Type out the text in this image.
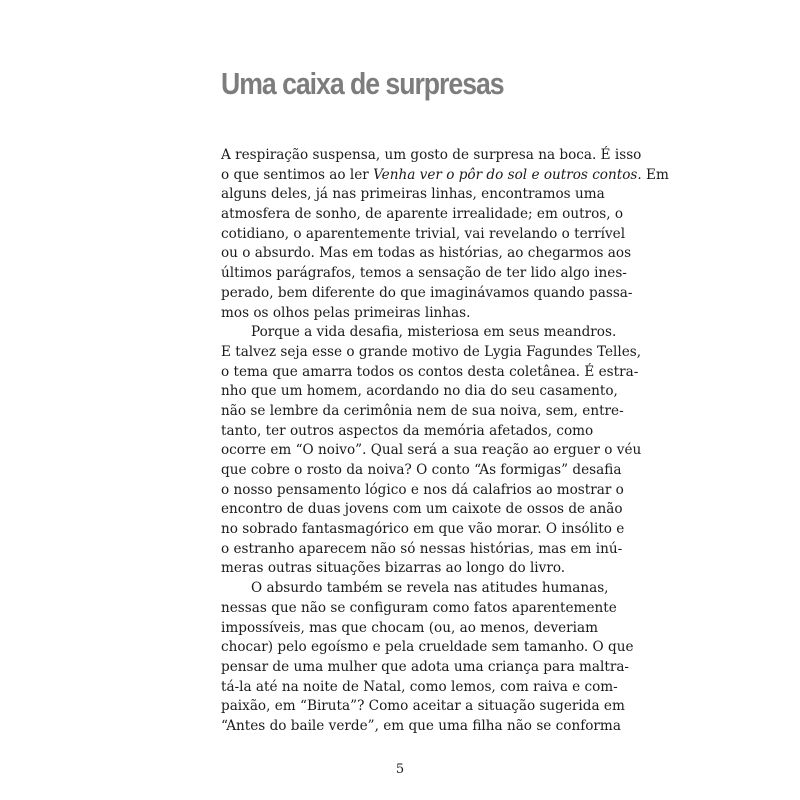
Uma caixa de surpresas
A respiração suspensa, um gosto de surpresa na boca. É isso
o que sentimos ao ler Venha ver o pôr do sol e outros contos. Em
alguns deles, já nas primeiras linhas, encontramos uma
atmosfera de sonho, de aparente irrealidade; em outros, o
cotidiano, o aparentemente trivial, vai revelando o terrível
ou o absurdo. Mas em todas as histórias, ao chegarmos aos
últimos parágrafos, temos a sensação de ter lido algo ines-
perado, bem diferente do que imaginávamos quando passa-
mos os olhos pelas primeiras linhas.
Porque a vida desafia, misteriosa em seus meandros.
E talvez seja esse o grande motivo de Lygia Fagundes Telles,
o tema que amarra todos os contos desta coletânea. É estra-
nho que um homem, acordando no dia do seu casamento,
não se lembre da cerimônia nem de sua noiva, sem, entre-
tanto, ter outros aspectos da memória afetados, como
ocorre em “O noivo”. Qual será a sua reação ao erguer o véu
que cobre o rosto da noiva? O conto “As formigas” desafia
o nosso pensamento lógico e nos dá calafrios ao mostrar o
encontro de duas jovens com um caixote de ossos de anão
no sobrado fantasmagórico em que vão morar. O insólito e
o estranho aparecem não só nessas histórias, mas em inú-
meras outras situações bizarras ao longo do livro.
O absurdo também se revela nas atitudes humanas,
nessas que não se configuram como fatos aparentemente
impossíveis, mas que chocam (ou, ao menos, deveriam
chocar) pelo egoísmo e pela crueldade sem tamanho. O que
pensar de uma mulher que adota uma criança para maltra-
tá-la até na noite de Natal, como lemos, com raiva e com-
paixão, em “Biruta”? Como aceitar a situação sugerida em
“Antes do baile verde”, em que uma filha não se conforma
5
